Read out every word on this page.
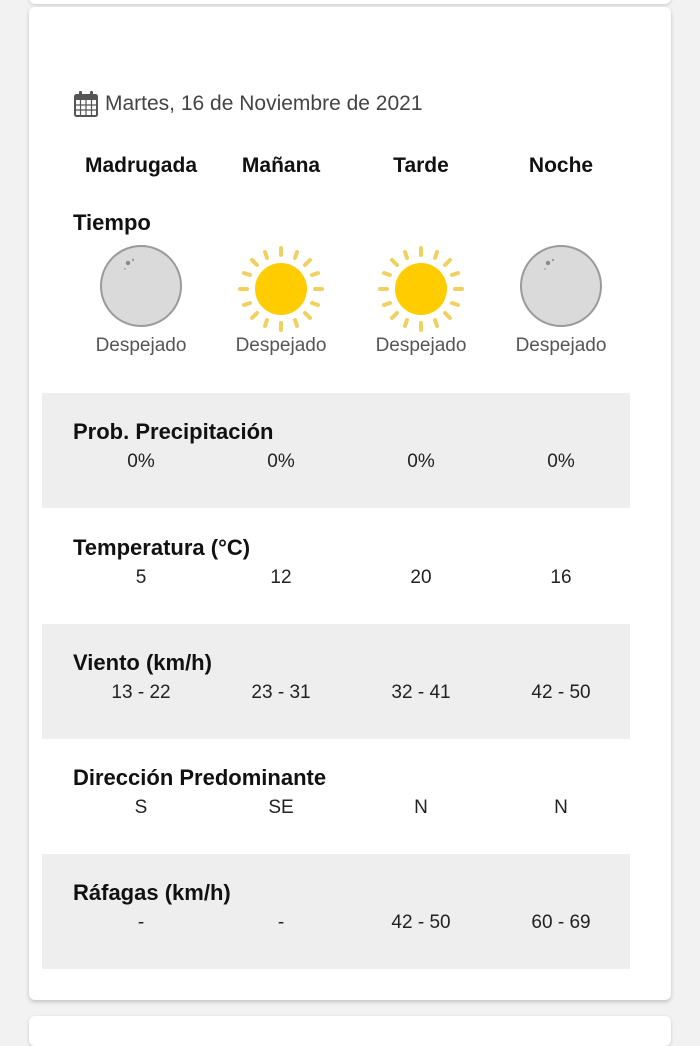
Martes, 16 de Noviembre de 2021
Madrugada	Mañana	Tarde	Noche
Tiempo
Despejado	Despejado	Despejado	Despejado
Prob. Precipitación
0%	0%	0%	0%
Temperatura (°C)
5	12	20	16
Viento (km/h)
13 - 22	23 - 31	32 - 41	42 - 50
Dirección Predominante
S	SE	N	N
Ráfagas (km/h)
-	-	42 - 50	60 - 69
